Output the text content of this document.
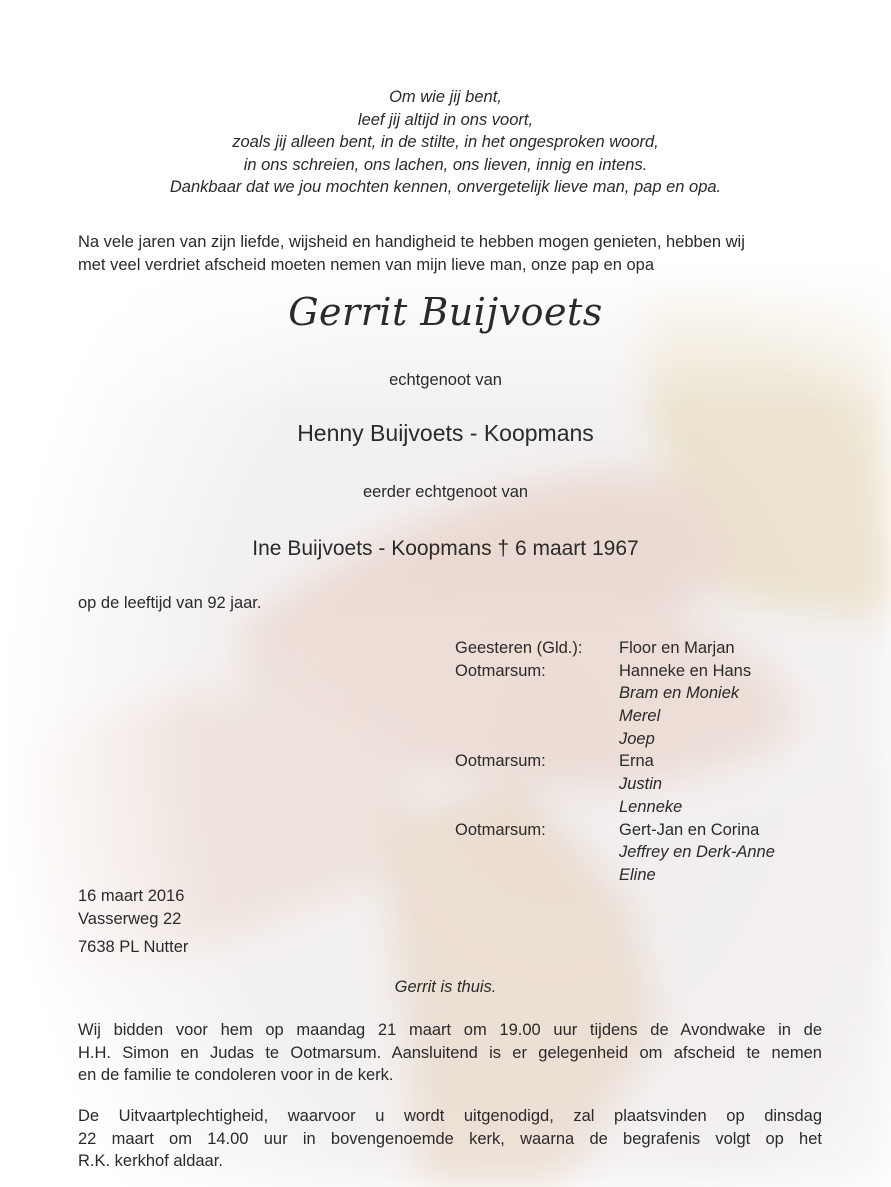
Om wie jij bent,
leef jij altijd in ons voort,
zoals jij alleen bent, in de stilte, in het ongesproken woord,
in ons schreien, ons lachen, ons lieven, innig en intens.
Dankbaar dat we jou mochten kennen, onvergetelijk lieve man, pap en opa.
Na vele jaren van zijn liefde, wijsheid en handigheid te hebben mogen genieten, hebben wij
met veel verdriet afscheid moeten nemen van mijn lieve man, onze pap en opa
Gerrit Buijvoets
echtgenoot van
Henny Buijvoets - Koopmans
eerder echtgenoot van
Ine Buijvoets - Koopmans † 6 maart 1967
op de leeftijd van 92 jaar.
Geesteren (Gld.):	Floor en Marjan
Ootmarsum:	Hanneke en Hans
Bram en Moniek
Merel
Joep
Ootmarsum:	Erna
Justin
Lenneke
Ootmarsum:	Gert-Jan en Corina
Jeffrey en Derk-Anne
Eline
16 maart 2016
Vasserweg 22
7638 PL Nutter
Gerrit is thuis.
Wij bidden voor hem op maandag 21 maart om 19.00 uur tijdens de Avondwake in de
H.H. Simon en Judas te Ootmarsum. Aansluitend is er gelegenheid om afscheid te nemen
en de familie te condoleren voor in de kerk.
De Uitvaartplechtigheid, waarvoor u wordt uitgenodigd, zal plaatsvinden op dinsdag
22 maart om 14.00 uur in bovengenoemde kerk, waarna de begrafenis volgt op het
R.K. kerkhof aldaar.
